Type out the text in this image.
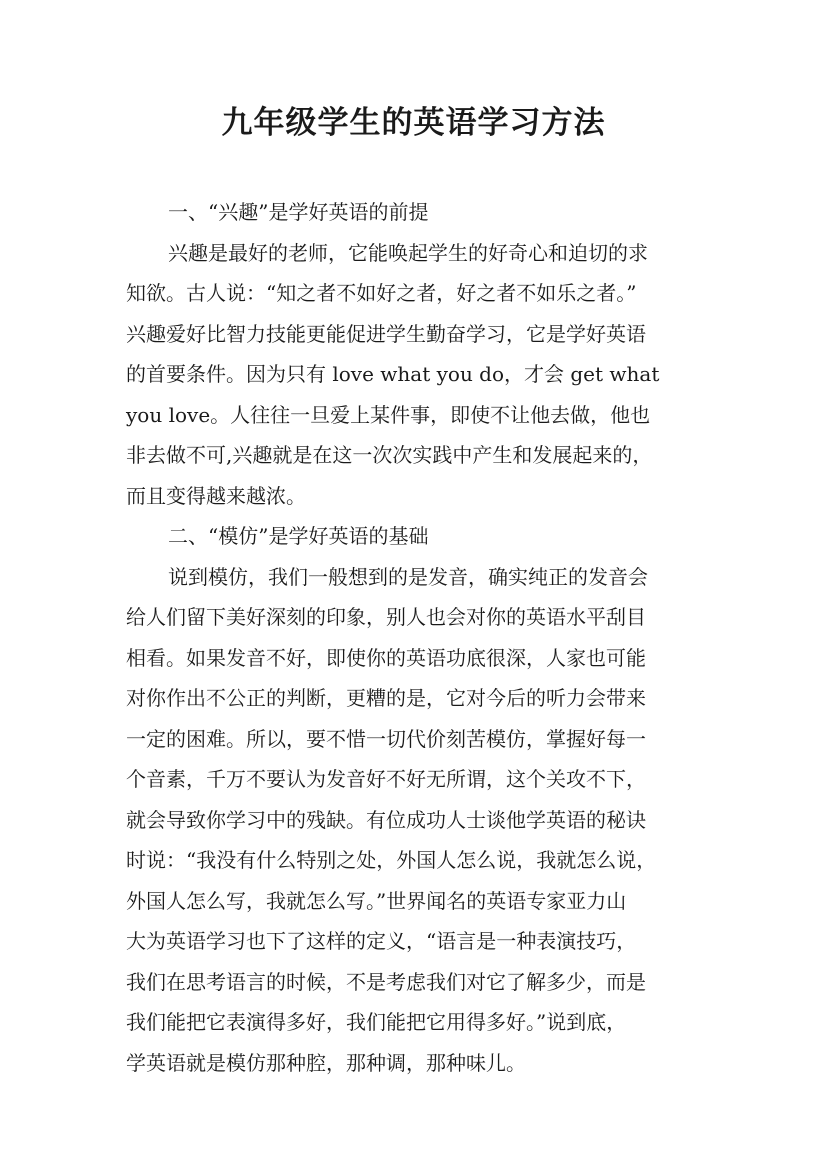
九年级学生的英语学习方法

一、“兴趣”是学好英语的前提

兴趣是最好的老师，它能唤起学生的好奇心和迫切的求

知欲。古人说：“知之者不如好之者，好之者不如乐之者。”

兴趣爱好比智力技能更能促进学生勤奋学习，它是学好英语

的首要条件。因为只有 love what you do，才会 get what

you love。人往往一旦爱上某件事，即使不让他去做，他也

非去做不可,兴趣就是在这一次次实践中产生和发展起来的，

而且变得越来越浓。

二、“模仿”是学好英语的基础

说到模仿，我们一般想到的是发音，确实纯正的发音会

给人们留下美好深刻的印象，别人也会对你的英语水平刮目

相看。如果发音不好，即使你的英语功底很深，人家也可能

对你作出不公正的判断，更糟的是，它对今后的听力会带来

一定的困难。所以，要不惜一切代价刻苦模仿，掌握好每一

个音素，千万不要认为发音好不好无所谓，这个关攻不下，

就会导致你学习中的残缺。有位成功人士谈他学英语的秘诀

时说：“我没有什么特别之处，外国人怎么说，我就怎么说，

外国人怎么写，我就怎么写。”世界闻名的英语专家亚力山

大为英语学习也下了这样的定义，“语言是一种表演技巧，

我们在思考语言的时候，不是考虑我们对它了解多少，而是

我们能把它表演得多好，我们能把它用得多好。”说到底，

学英语就是模仿那种腔，那种调，那种味儿。
